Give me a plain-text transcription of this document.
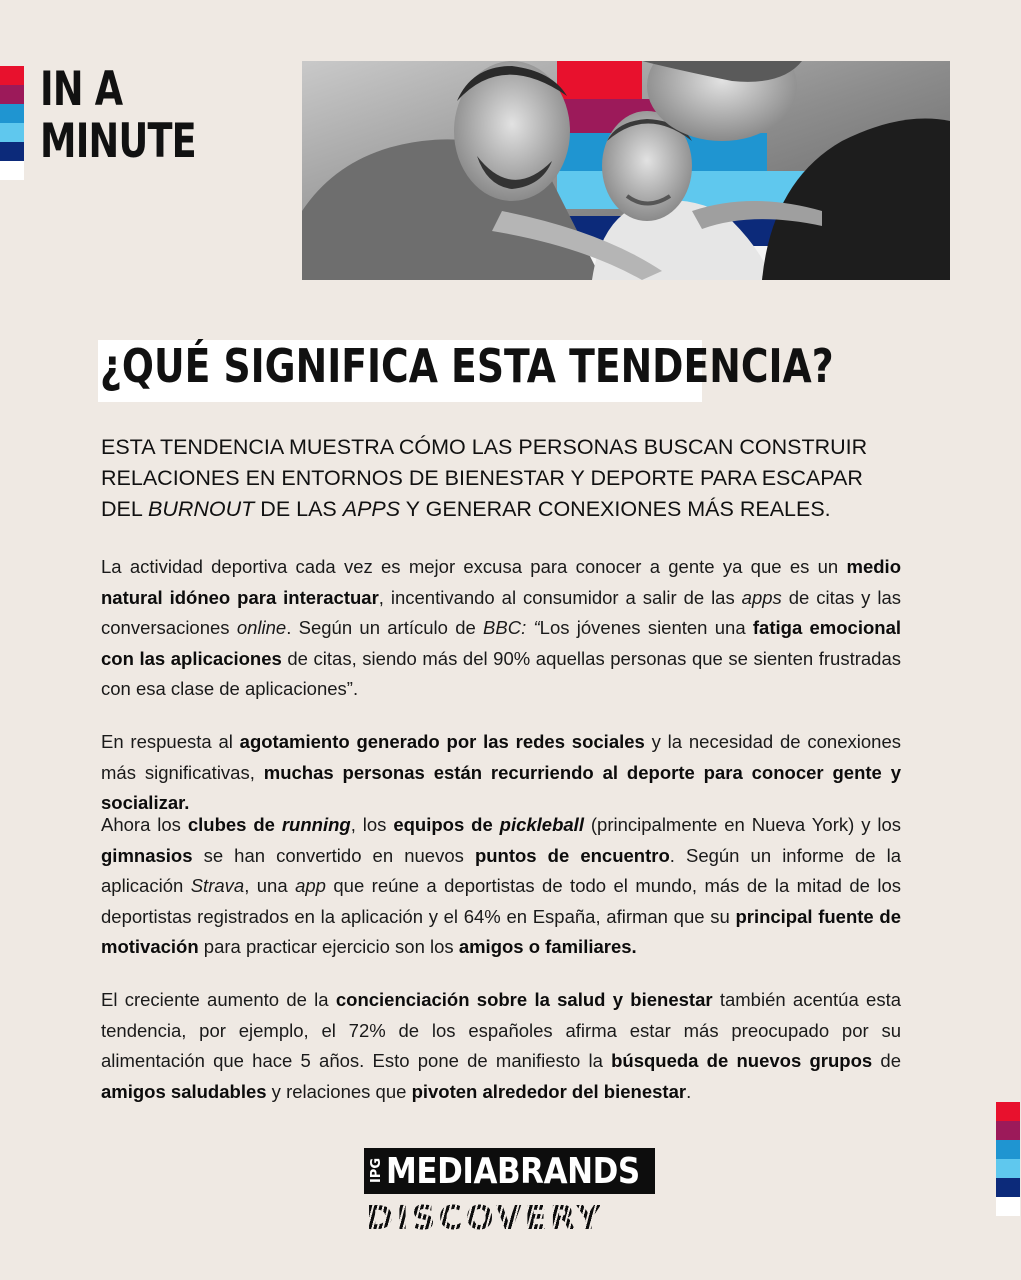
IN A
MINUTE
¿QUÉ SIGNIFICA ESTA TENDENCIA?
ESTA TENDENCIA MUESTRA CÓMO LAS PERSONAS BUSCAN CONSTRUIR RELACIONES EN ENTORNOS DE BIENESTAR Y DEPORTE PARA ESCAPAR DEL BURNOUT DE LAS APPS Y GENERAR CONEXIONES MÁS REALES.
La actividad deportiva cada vez es mejor excusa para conocer a gente ya que es un medio natural idóneo para interactuar, incentivando al consumidor a salir de las apps de citas y las conversaciones online. Según un artículo de BBC: “Los jóvenes sienten una fatiga emocional con las aplicaciones de citas, siendo más del 90% aquellas personas que se sienten frustradas con esa clase de aplicaciones”.
En respuesta al agotamiento generado por las redes sociales y la necesidad de conexiones más significativas, muchas personas están recurriendo al deporte para conocer gente y socializar.
Ahora los clubes de running, los equipos de pickleball (principalmente en Nueva York) y los gimnasios se han convertido en nuevos puntos de encuentro. Según un informe de la aplicación Strava, una app que reúne a deportistas de todo el mundo, más de la mitad de los deportistas registrados en la aplicación y el 64% en España, afirman que su principal fuente de motivación para practicar ejercicio son los amigos o familiares.
El creciente aumento de la concienciación sobre la salud y bienestar también acentúa esta tendencia, por ejemplo, el 72% de los españoles afirma estar más preocupado por su alimentación que hace 5 años. Esto pone de manifiesto la búsqueda de nuevos grupos de amigos saludables y relaciones que pivoten alrededor del bienestar.
IPG MEDIABRANDS
DISCOVERY
